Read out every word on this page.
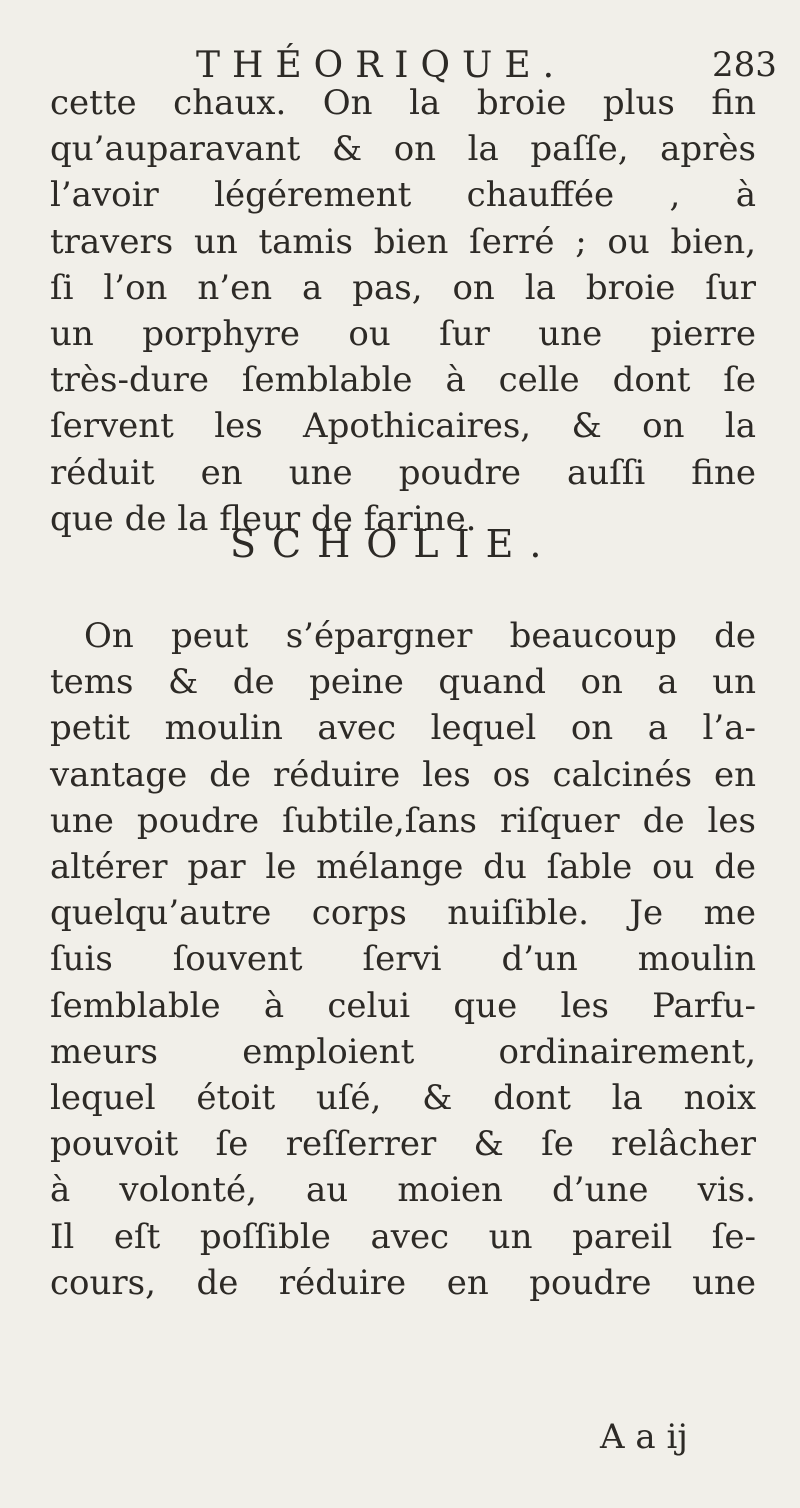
THÉORIQUE.	283

cette chaux. On la broie plus fin
qu’auparavant & on la paſſe, après
l’avoir légérement chauffée , à
travers un tamis bien ſerré ; ou bien,
ſi l’on n’en a pas, on la broie ſur
un porphyre ou ſur une pierre
très-dure ſemblable à celle dont ſe
ſervent les Apothicaires, & on la
réduit en une poudre auſſi fine
que de la fleur de farine.

SCHOLIE.

On peut s’épargner beaucoup de
tems & de peine quand on a un
petit moulin avec lequel on a l’a-
vantage de réduire les os calcinés en
une poudre ſubtile,ſans riſquer de les
altérer par le mélange du ſable ou de
quelqu’autre corps nuiſible. Je me
ſuis ſouvent ſervi d’un moulin
ſemblable à celui que les Parfu-
meurs emploient ordinairement,
lequel étoit uſé, & dont la noix
pouvoit ſe reſſerrer & ſe relâcher
à volonté, au moien d’une vis.
Il eſt poſſible avec un pareil ſe-
cours, de réduire en poudre une

A a ij
